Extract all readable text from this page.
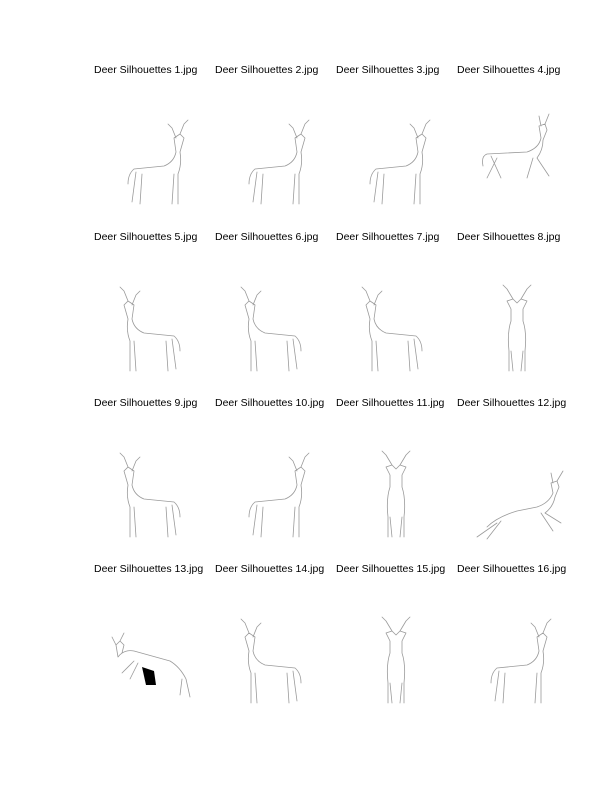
Deer Silhouettes 1.jpg	Deer Silhouettes 2.jpg	Deer Silhouettes 3.jpg	Deer Silhouettes 4.jpg
Deer Silhouettes 5.jpg	Deer Silhouettes 6.jpg	Deer Silhouettes 7.jpg	Deer Silhouettes 8.jpg
Deer Silhouettes 9.jpg	Deer Silhouettes 10.jpg	Deer Silhouettes 11.jpg	Deer Silhouettes 12.jpg
Deer Silhouettes 13.jpg	Deer Silhouettes 14.jpg	Deer Silhouettes 15.jpg	Deer Silhouettes 16.jpg
